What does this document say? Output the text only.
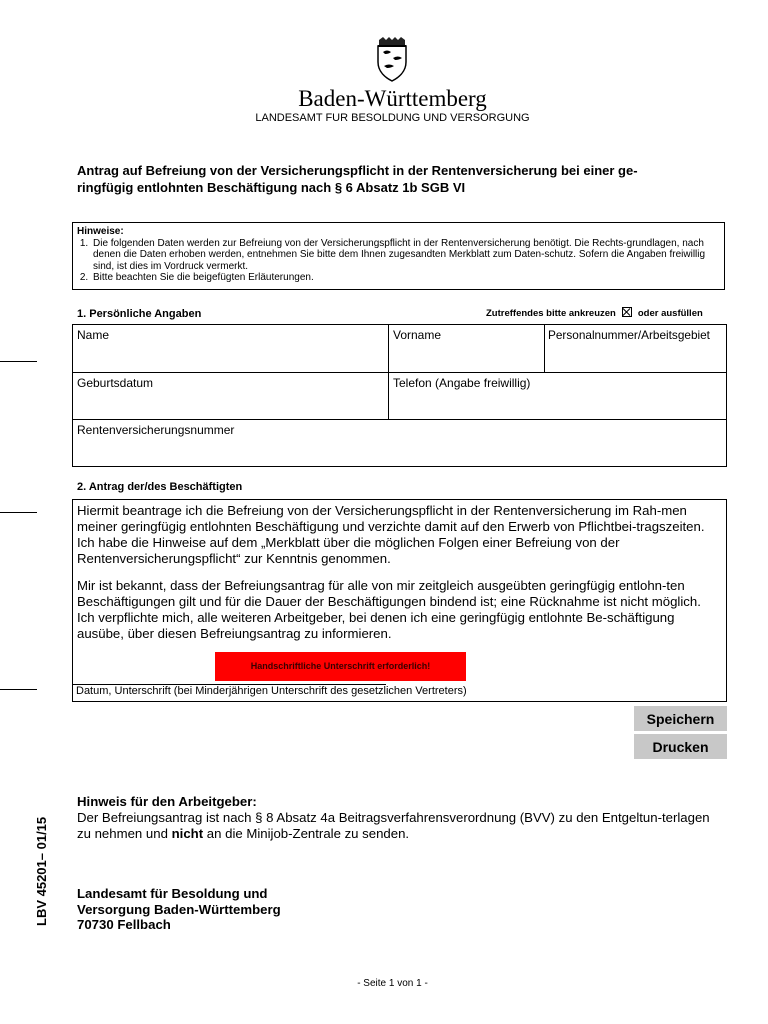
Baden-Württemberg
LANDESAMT FUR BESOLDUNG UND VERSORGUNG
Antrag auf Befreiung von der Versicherungspflicht in der Rentenversicherung bei einer ge-
ringfügig entlohnten Beschäftigung nach § 6 Absatz 1b SGB VI
Hinweise:
1. Die folgenden Daten werden zur Befreiung von der Versicherungspflicht in der Rentenversicherung benötigt. Die Rechts-grundlagen, nach denen die Daten erhoben werden, entnehmen Sie bitte dem Ihnen zugesandten Merkblatt zum Daten-schutz. Sofern die Angaben freiwillig sind, ist dies im Vordruck vermerkt.
2. Bitte beachten Sie die beigefügten Erläuterungen.
1. Persönliche Angaben	Zutreffendes bitte ankreuzen oder ausfüllen
Name	Vorname	Personalnummer/Arbeitsgebiet
Geburtsdatum	Telefon (Angabe freiwillig)
Rentenversicherungsnummer
2. Antrag der/des Beschäftigten

Hiermit beantrage ich die Befreiung von der Versicherungspflicht in der Rentenversicherung im Rah-men meiner geringfügig entlohnten Beschäftigung und verzichte damit auf den Erwerb von Pflichtbei-tragszeiten. Ich habe die Hinweise auf dem „Merkblatt über die möglichen Folgen einer Befreiung von der Rentenversicherungspflicht“ zur Kenntnis genommen.

Mir ist bekannt, dass der Befreiungsantrag für alle von mir zeitgleich ausgeübten geringfügig entlohn-ten Beschäftigungen gilt und für die Dauer der Beschäftigungen bindend ist; eine Rücknahme ist nicht möglich. Ich verpflichte mich, alle weiteren Arbeitgeber, bei denen ich eine geringfügig entlohnte Be-schäftigung ausübe, über diesen Befreiungsantrag zu informieren.

Handschriftliche Unterschrift erforderlich!
Datum, Unterschrift (bei Minderjährigen Unterschrift des gesetzlichen Vertreters)
Speichern
Drucken
Hinweis für den Arbeitgeber:
Der Befreiungsantrag ist nach § 8 Absatz 4a Beitragsverfahrensverordnung (BVV) zu den Entgeltun-terlagen zu nehmen und nicht an die Minijob-Zentrale zu senden.
Landesamt für Besoldung und
Versorgung Baden-Württemberg
70730 Fellbach
LBV 45201– 01/15
- Seite 1 von 1 -
